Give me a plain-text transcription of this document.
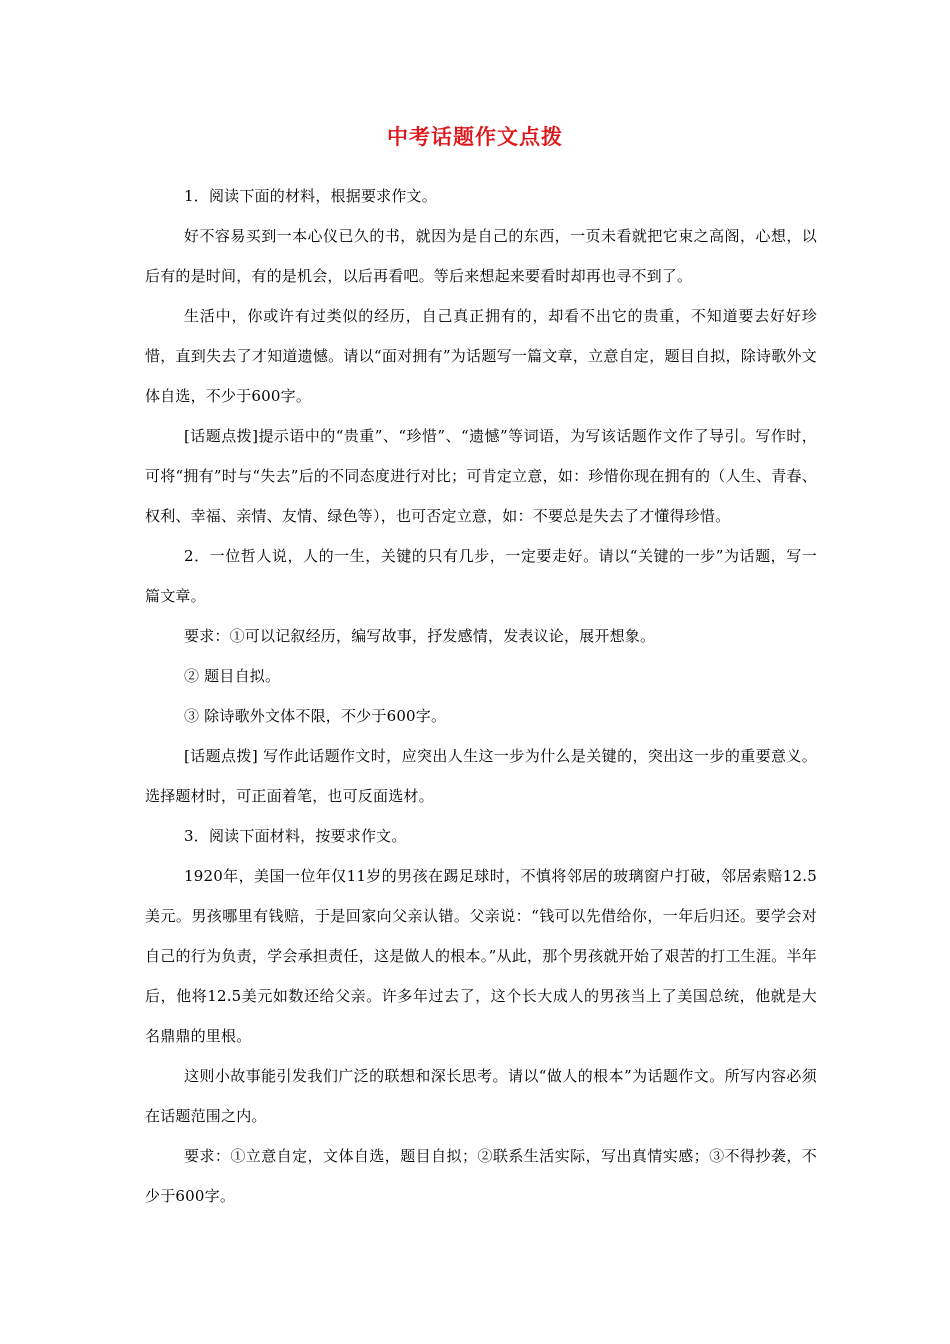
中考话题作文点拨

1．阅读下面的材料，根据要求作文。

好不容易买到一本心仪已久的书，就因为是自己的东西，一页未看就把它束之高阁，心想，以后有的是时间，有的是机会，以后再看吧。等后来想起来要看时却再也寻不到了。

生活中，你或许有过类似的经历，自己真正拥有的，却看不出它的贵重，不知道要去好好珍惜，直到失去了才知道遗憾。请以“面对拥有”为话题写一篇文章，立意自定，题目自拟，除诗歌外文体自选，不少于600字。

[话题点拨]提示语中的“贵重”、“珍惜”、“遗憾”等词语，为写该话题作文作了导引。写作时，可将“拥有”时与“失去”后的不同态度进行对比；可肯定立意，如：珍惜你现在拥有的（人生、青春、权利、幸福、亲情、友情、绿色等），也可否定立意，如：不要总是失去了才懂得珍惜。

2．一位哲人说，人的一生，关键的只有几步，一定要走好。请以“关键的一步”为话题，写一篇文章。

要求：①可以记叙经历，编写故事，抒发感情，发表议论，展开想象。

② 题目自拟。

③ 除诗歌外文体不限，不少于600字。

[话题点拨] 写作此话题作文时，应突出人生这一步为什么是关键的，突出这一步的重要意义。选择题材时，可正面着笔，也可反面选材。

3．阅读下面材料，按要求作文。

1920年，美国一位年仅11岁的男孩在踢足球时，不慎将邻居的玻璃窗户打破，邻居索赔12.5美元。男孩哪里有钱赔，于是回家向父亲认错。父亲说：“钱可以先借给你，一年后归还。要学会对自己的行为负责，学会承担责任，这是做人的根本。”从此，那个男孩就开始了艰苦的打工生涯。半年后，他将12.5美元如数还给父亲。许多年过去了，这个长大成人的男孩当上了美国总统，他就是大名鼎鼎的里根。

这则小故事能引发我们广泛的联想和深长思考。请以“做人的根本”为话题作文。所写内容必须在话题范围之内。

要求：①立意自定，文体自选，题目自拟；②联系生活实际，写出真情实感；③不得抄袭，不少于600字。
